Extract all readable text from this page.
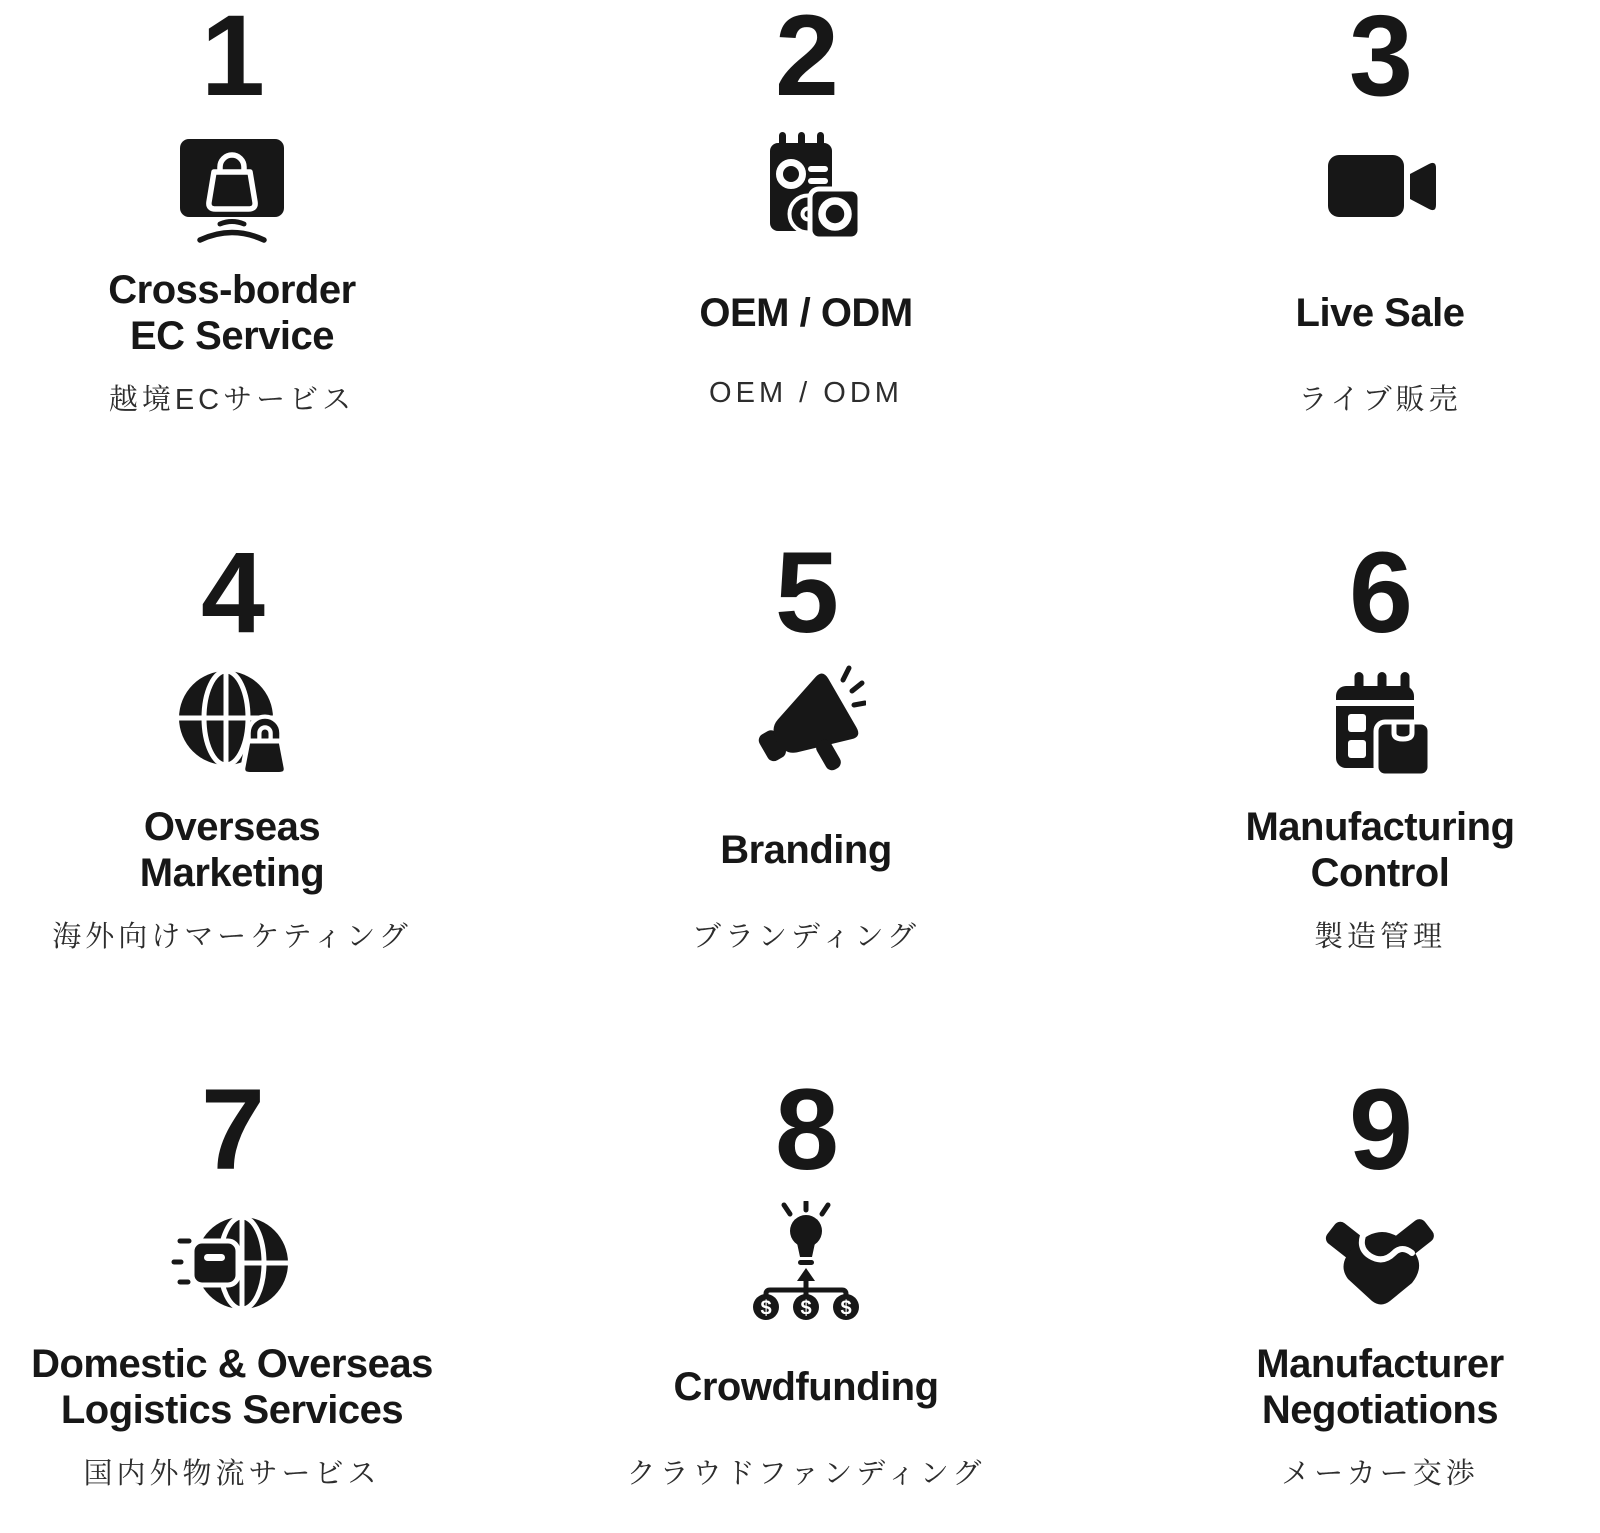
1
Cross-border
EC Service
越境ECサービス
2
OEM / ODM
OEM / ODM
3
Live Sale
ライブ販売
4
Overseas
Marketing
海外向けマーケティング
5
Branding
ブランディング
6
Manufacturing
Control
製造管理
7
Domestic & Overseas
Logistics Services
国内外物流サービス
8
$ $ $
Crowdfunding
クラウドファンディング
9
Manufacturer
Negotiations
メーカー交渉
